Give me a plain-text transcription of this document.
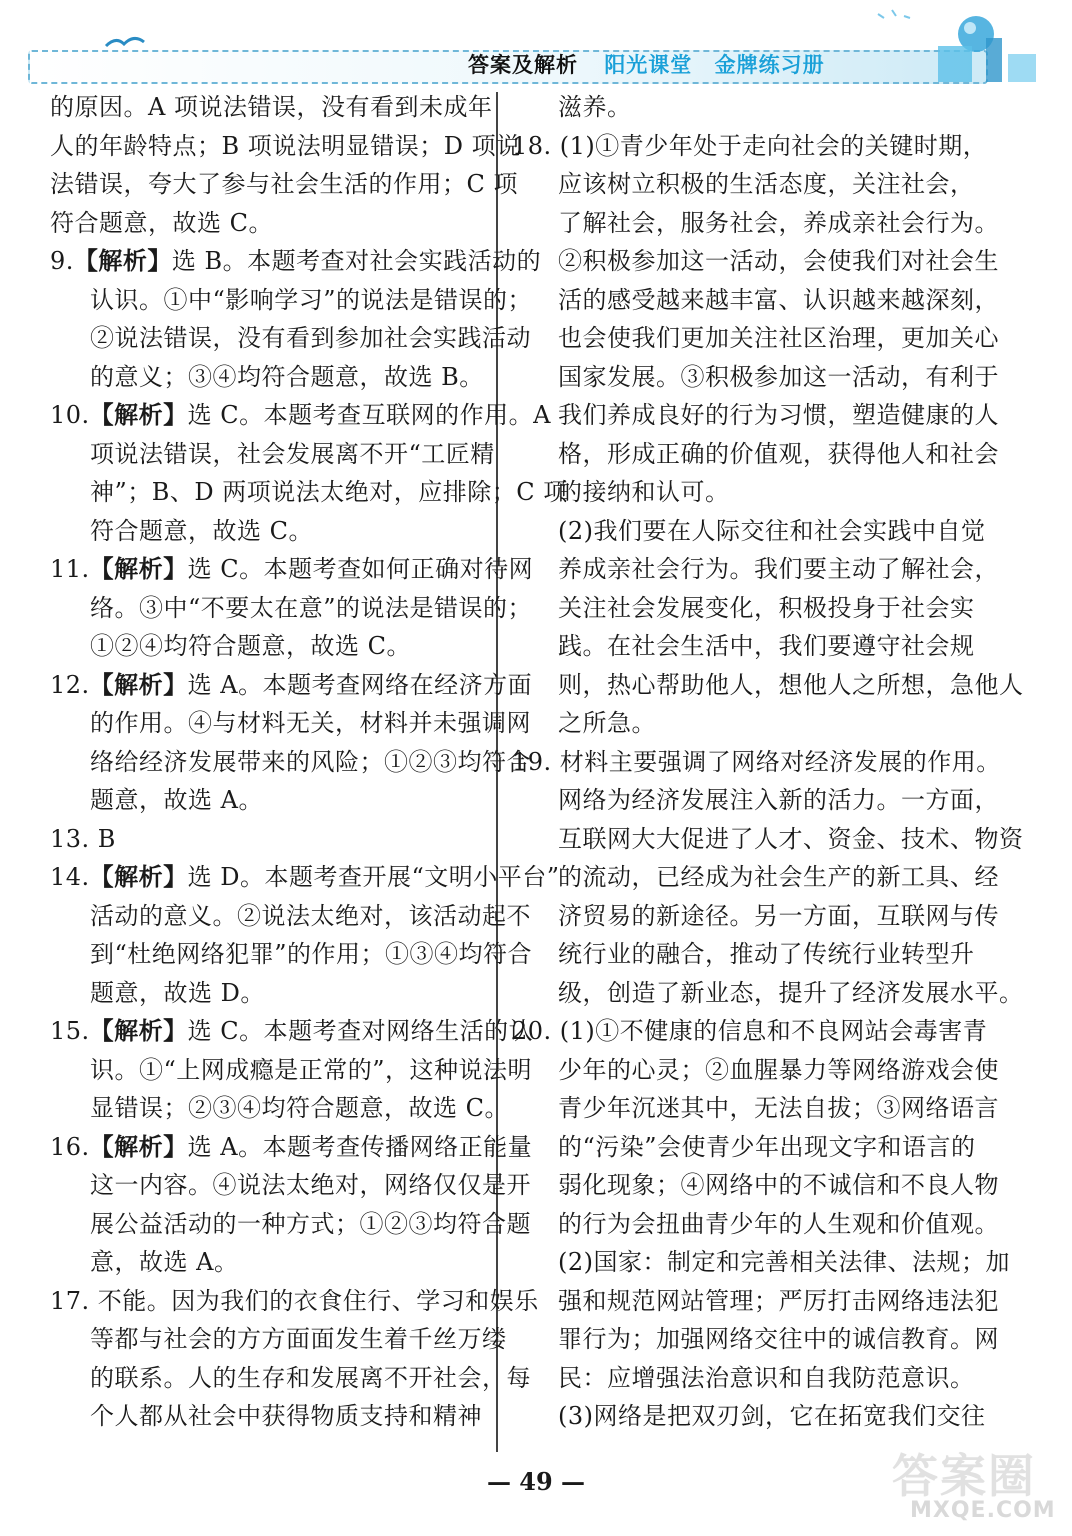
答案及解析 阳光课堂 金牌练习册
的原因。A 项说法错误，没有看到未成年
人的年龄特点；B 项说法明显错误；D 项说
法错误，夸大了参与社会生活的作用；C 项
符合题意，故选 C。
9.【解析】选 B。本题考查对社会实践活动的
认识。①中“影响学习”的说法是错误的；
②说法错误，没有看到参加社会实践活动
的意义；③④均符合题意，故选 B。
10.【解析】选 C。本题考查互联网的作用。A
项说法错误，社会发展离不开“工匠精
神”；B、D 两项说法太绝对，应排除；C 项
符合题意，故选 C。
11.【解析】选 C。本题考查如何正确对待网
络。③中“不要太在意”的说法是错误的；
①②④均符合题意，故选 C。
12.【解析】选 A。本题考查网络在经济方面
的作用。④与材料无关，材料并未强调网
络给经济发展带来的风险；①②③均符合
题意，故选 A。
13. B
14.【解析】选 D。本题考查开展“文明小平台”
活动的意义。②说法太绝对，该活动起不
到“杜绝网络犯罪”的作用；①③④均符合
题意，故选 D。
15.【解析】选 C。本题考查对网络生活的认
识。①“上网成瘾是正常的”，这种说法明
显错误；②③④均符合题意，故选 C。
16.【解析】选 A。本题考查传播网络正能量
这一内容。④说法太绝对，网络仅仅是开
展公益活动的一种方式；①②③均符合题
意，故选 A。
17. 不能。因为我们的衣食住行、学习和娱乐
等都与社会的方方面面发生着千丝万缕
的联系。人的生存和发展离不开社会，每
个人都从社会中获得物质支持和精神
滋养。
18. (1)①青少年处于走向社会的关键时期，
应该树立积极的生活态度，关注社会，
了解社会，服务社会，养成亲社会行为。
②积极参加这一活动，会使我们对社会生
活的感受越来越丰富、认识越来越深刻，
也会使我们更加关注社区治理，更加关心
国家发展。③积极参加这一活动，有利于
我们养成良好的行为习惯，塑造健康的人
格，形成正确的价值观，获得他人和社会
的接纳和认可。
(2)我们要在人际交往和社会实践中自觉
养成亲社会行为。我们要主动了解社会，
关注社会发展变化，积极投身于社会实
践。在社会生活中，我们要遵守社会规
则，热心帮助他人，想他人之所想，急他人
之所急。
19. 材料主要强调了网络对经济发展的作用。
网络为经济发展注入新的活力。一方面，
互联网大大促进了人才、资金、技术、物资
的流动，已经成为社会生产的新工具、经
济贸易的新途径。另一方面，互联网与传
统行业的融合，推动了传统行业转型升
级，创造了新业态，提升了经济发展水平。
20. (1)①不健康的信息和不良网站会毒害青
少年的心灵；②血腥暴力等网络游戏会使
青少年沉迷其中，无法自拔；③网络语言
的“污染”会使青少年出现文字和语言的
弱化现象；④网络中的不诚信和不良人物
的行为会扭曲青少年的人生观和价值观。
(2)国家：制定和完善相关法律、法规；加
强和规范网站管理；严厉打击网络违法犯
罪行为；加强网络交往中的诚信教育。网
民：应增强法治意识和自我防范意识。
(3)网络是把双刃剑，它在拓宽我们交往
— 49 —	答案圈
MXQE.COM
